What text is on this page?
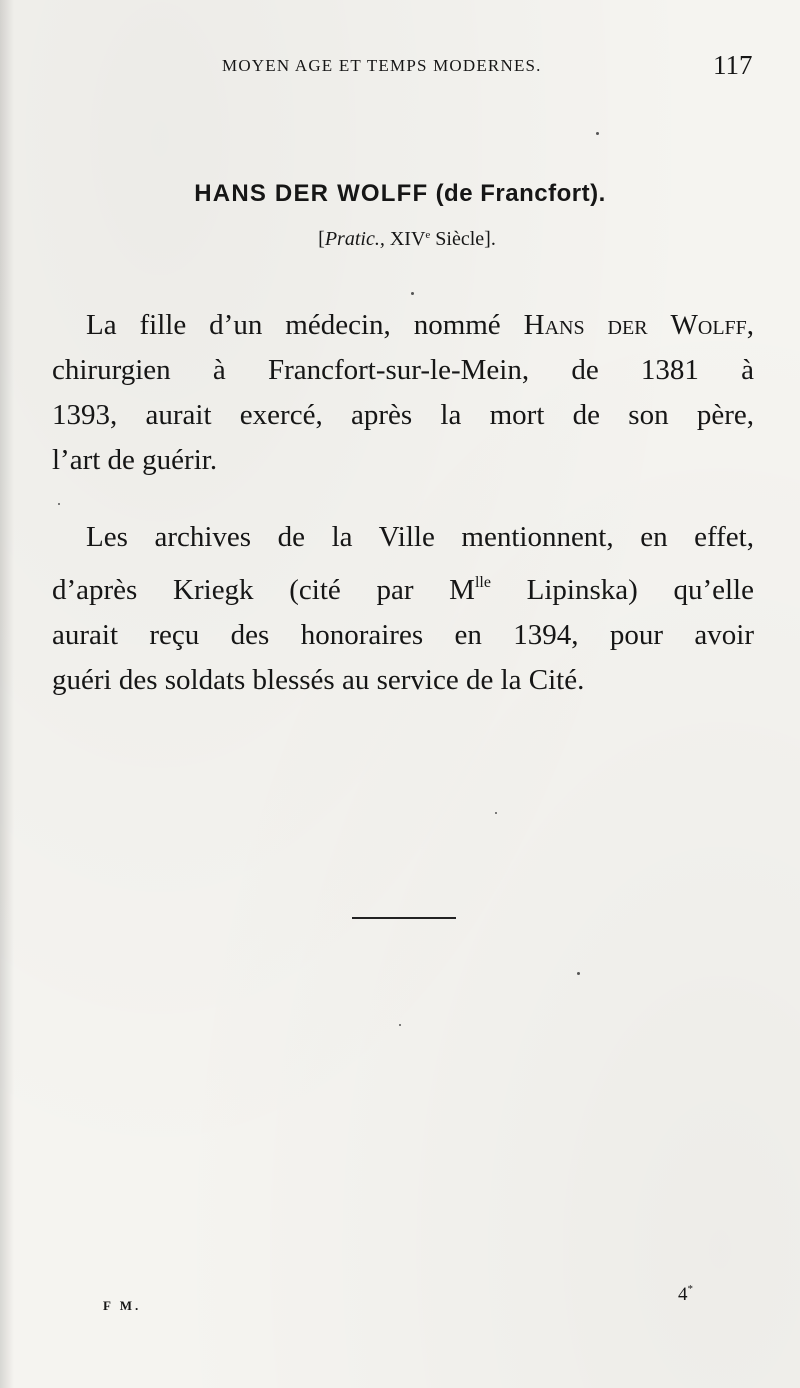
MOYEN AGE ET TEMPS MODERNES.	117
HANS DER WOLFF (de Francfort).
[Pratic., XIVe Siècle].
La fille d’un médecin, nommé Hans der Wolff,
chirurgien à Francfort-sur-le-Mein, de 1381 à
1393, aurait exercé, après la mort de son père,
l’art de guérir.
Les archives de la Ville mentionnent, en effet,
d’après Kriegk (cité par $M^{lle}$ Lipinska) qu’elle
aurait reçu des honoraires en 1394, pour avoir
guéri des soldats blessés au service de la Cité.
F M.
4*
